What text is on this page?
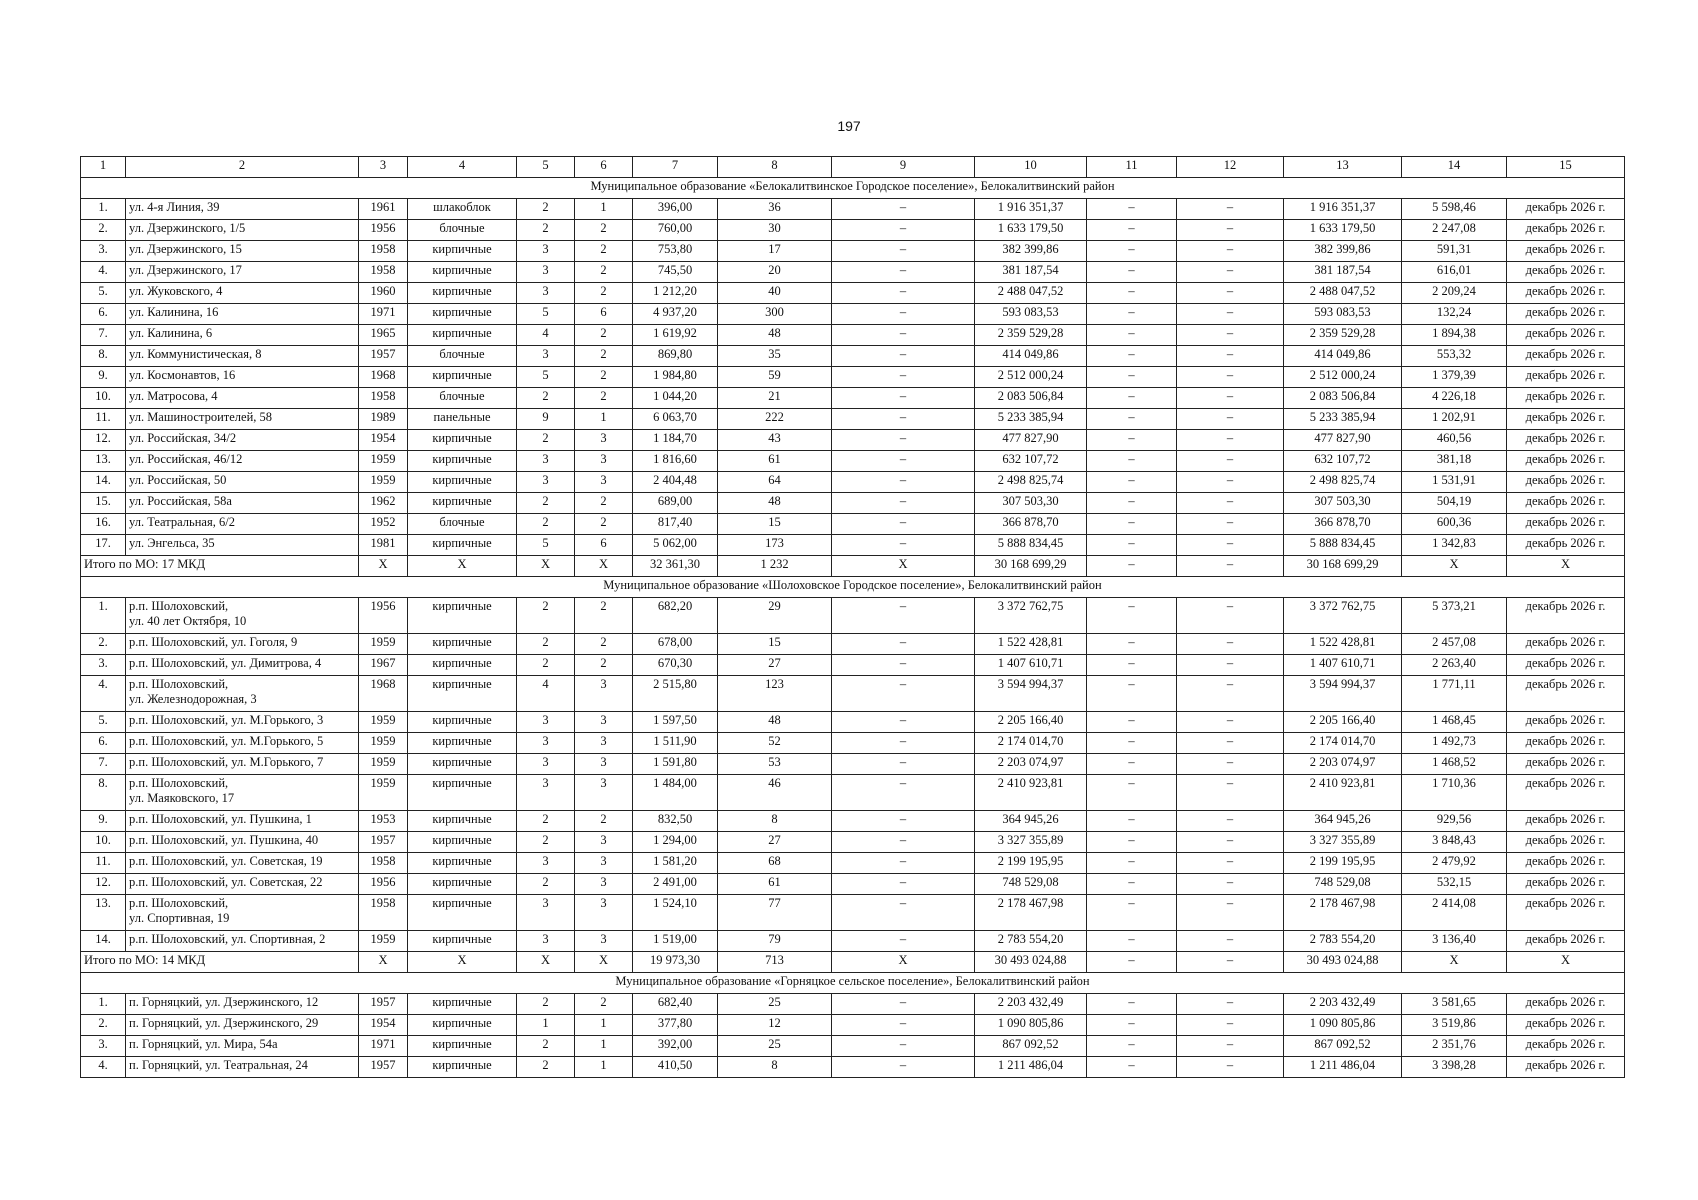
197
1	2	3	4	5	6	7	8	9	10	11	12	13	14	15
Муниципальное образование «Белокалитвинское Городское поселение», Белокалитвинский район														
1.	ул. 4-я Линия, 39	1961	шлакоблок	2	1	396,00	36	–	1 916 351,37	–	–	1 916 351,37	5 598,46	декабрь 2026 г.
2.	ул. Дзержинского, 1/5	1956	блочные	2	2	760,00	30	–	1 633 179,50	–	–	1 633 179,50	2 247,08	декабрь 2026 г.
3.	ул. Дзержинского, 15	1958	кирпичные	3	2	753,80	17	–	382 399,86	–	–	382 399,86	591,31	декабрь 2026 г.
4.	ул. Дзержинского, 17	1958	кирпичные	3	2	745,50	20	–	381 187,54	–	–	381 187,54	616,01	декабрь 2026 г.
5.	ул. Жуковского, 4	1960	кирпичные	3	2	1 212,20	40	–	2 488 047,52	–	–	2 488 047,52	2 209,24	декабрь 2026 г.
6.	ул. Калинина, 16	1971	кирпичные	5	6	4 937,20	300	–	593 083,53	–	–	593 083,53	132,24	декабрь 2026 г.
7.	ул. Калинина, 6	1965	кирпичные	4	2	1 619,92	48	–	2 359 529,28	–	–	2 359 529,28	1 894,38	декабрь 2026 г.
8.	ул. Коммунистическая, 8	1957	блочные	3	2	869,80	35	–	414 049,86	–	–	414 049,86	553,32	декабрь 2026 г.
9.	ул. Космонавтов, 16	1968	кирпичные	5	2	1 984,80	59	–	2 512 000,24	–	–	2 512 000,24	1 379,39	декабрь 2026 г.
10.	ул. Матросова, 4	1958	блочные	2	2	1 044,20	21	–	2 083 506,84	–	–	2 083 506,84	4 226,18	декабрь 2026 г.
11.	ул. Машиностроителей, 58	1989	панельные	9	1	6 063,70	222	–	5 233 385,94	–	–	5 233 385,94	1 202,91	декабрь 2026 г.
12.	ул. Российская, 34/2	1954	кирпичные	2	3	1 184,70	43	–	477 827,90	–	–	477 827,90	460,56	декабрь 2026 г.
13.	ул. Российская, 46/12	1959	кирпичные	3	3	1 816,60	61	–	632 107,72	–	–	632 107,72	381,18	декабрь 2026 г.
14.	ул. Российская, 50	1959	кирпичные	3	3	2 404,48	64	–	2 498 825,74	–	–	2 498 825,74	1 531,91	декабрь 2026 г.
15.	ул. Российская, 58а	1962	кирпичные	2	2	689,00	48	–	307 503,30	–	–	307 503,30	504,19	декабрь 2026 г.
16.	ул. Театральная, 6/2	1952	блочные	2	2	817,40	15	–	366 878,70	–	–	366 878,70	600,36	декабрь 2026 г.
17.	ул. Энгельса, 35	1981	кирпичные	5	6	5 062,00	173	–	5 888 834,45	–	–	5 888 834,45	1 342,83	декабрь 2026 г.
Итого по МО: 17 МКД		X	X	X	X	32 361,30	1 232	X	30 168 699,29	–	–	30 168 699,29	X	X
Муниципальное образование «Шолоховское Городское поселение», Белокалитвинский район														
1.	р.п. Шолоховский,
ул. 40 лет Октября, 10	1956	кирпичные	2	2	682,20	29	–	3 372 762,75	–	–	3 372 762,75	5 373,21	декабрь 2026 г.
2.	р.п. Шолоховский, ул. Гоголя, 9	1959	кирпичные	2	2	678,00	15	–	1 522 428,81	–	–	1 522 428,81	2 457,08	декабрь 2026 г.
3.	р.п. Шолоховский, ул. Димитрова, 4	1967	кирпичные	2	2	670,30	27	–	1 407 610,71	–	–	1 407 610,71	2 263,40	декабрь 2026 г.
4.	р.п. Шолоховский,
ул. Железнодорожная, 3	1968	кирпичные	4	3	2 515,80	123	–	3 594 994,37	–	–	3 594 994,37	1 771,11	декабрь 2026 г.
5.	р.п. Шолоховский, ул. М.Горького, 3	1959	кирпичные	3	3	1 597,50	48	–	2 205 166,40	–	–	2 205 166,40	1 468,45	декабрь 2026 г.
6.	р.п. Шолоховский, ул. М.Горького, 5	1959	кирпичные	3	3	1 511,90	52	–	2 174 014,70	–	–	2 174 014,70	1 492,73	декабрь 2026 г.
7.	р.п. Шолоховский, ул. М.Горького, 7	1959	кирпичные	3	3	1 591,80	53	–	2 203 074,97	–	–	2 203 074,97	1 468,52	декабрь 2026 г.
8.	р.п. Шолоховский,
ул. Маяковского, 17	1959	кирпичные	3	3	1 484,00	46	–	2 410 923,81	–	–	2 410 923,81	1 710,36	декабрь 2026 г.
9.	р.п. Шолоховский, ул. Пушкина, 1	1953	кирпичные	2	2	832,50	8	–	364 945,26	–	–	364 945,26	929,56	декабрь 2026 г.
10.	р.п. Шолоховский, ул. Пушкина, 40	1957	кирпичные	2	3	1 294,00	27	–	3 327 355,89	–	–	3 327 355,89	3 848,43	декабрь 2026 г.
11.	р.п. Шолоховский, ул. Советская, 19	1958	кирпичные	3	3	1 581,20	68	–	2 199 195,95	–	–	2 199 195,95	2 479,92	декабрь 2026 г.
12.	р.п. Шолоховский, ул. Советская, 22	1956	кирпичные	2	3	2 491,00	61	–	748 529,08	–	–	748 529,08	532,15	декабрь 2026 г.
13.	р.п. Шолоховский,
ул. Спортивная, 19	1958	кирпичные	3	3	1 524,10	77	–	2 178 467,98	–	–	2 178 467,98	2 414,08	декабрь 2026 г.
14.	р.п. Шолоховский, ул. Спортивная, 2	1959	кирпичные	3	3	1 519,00	79	–	2 783 554,20	–	–	2 783 554,20	3 136,40	декабрь 2026 г.
Итого по МО: 14 МКД		X	X	X	X	19 973,30	713	X	30 493 024,88	–	–	30 493 024,88	X	X
Муниципальное образование «Горняцкое сельское поселение», Белокалитвинский район														
1.	п. Горняцкий, ул. Дзержинского, 12	1957	кирпичные	2	2	682,40	25	–	2 203 432,49	–	–	2 203 432,49	3 581,65	декабрь 2026 г.
2.	п. Горняцкий, ул. Дзержинского, 29	1954	кирпичные	1	1	377,80	12	–	1 090 805,86	–	–	1 090 805,86	3 519,86	декабрь 2026 г.
3.	п. Горняцкий, ул. Мира, 54а	1971	кирпичные	2	1	392,00	25	–	867 092,52	–	–	867 092,52	2 351,76	декабрь 2026 г.
4.	п. Горняцкий, ул. Театральная, 24	1957	кирпичные	2	1	410,50	8	–	1 211 486,04	–	–	1 211 486,04	3 398,28	декабрь 2026 г.
